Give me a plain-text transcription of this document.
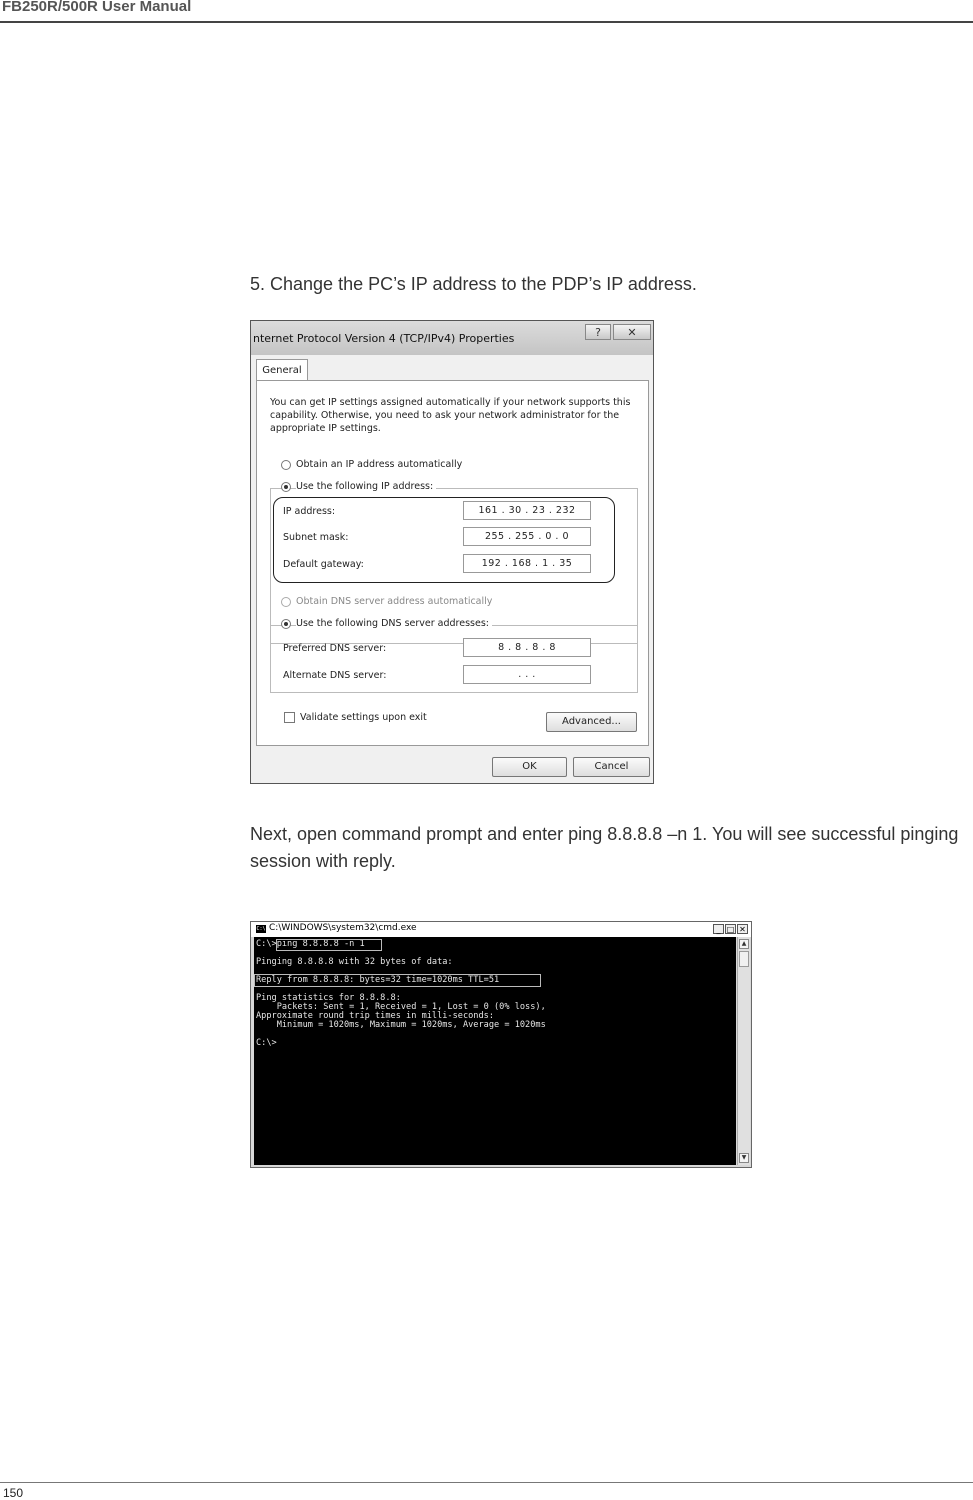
FB250R/500R User Manual
5. Change the PC’s IP address to the PDP’s IP address.
nternet Protocol Version 4 (TCP/IPv4) Properties	?	✕
General
You can get IP settings assigned automatically if your network supports this capability. Otherwise, you need to ask your network administrator for the appropriate IP settings.
Obtain an IP address automatically
Use the following IP address:
IP address:	161 . 30 . 23 . 232
Subnet mask:	255 . 255 . 0 . 0
Default gateway:	192 . 168 . 1 . 35
Obtain DNS server address automatically
Use the following DNS server addresses:
Preferred DNS server:	8 . 8 . 8 . 8
Alternate DNS server:	. . .
Validate settings upon exit	Advanced...
OK	Cancel
Next, open command prompt and enter ping 8.8.8.8 –n 1. You will see successful pinging session with reply.
C:\ C:\WINDOWS\system32\cmd.exe	_ □ ✕
C:\>ping 8.8.8.8 -n 1
Pinging 8.8.8.8 with 32 bytes of data:
Reply from 8.8.8.8: bytes=32 time=1020ms TTL=51
Ping statistics for 8.8.8.8:
Packets: Sent = 1, Received = 1, Lost = 0 (0% loss),
Approximate round trip times in milli-seconds:
Minimum = 1020ms, Maximum = 1020ms, Average = 1020ms
C:\>
▲
▼
150
